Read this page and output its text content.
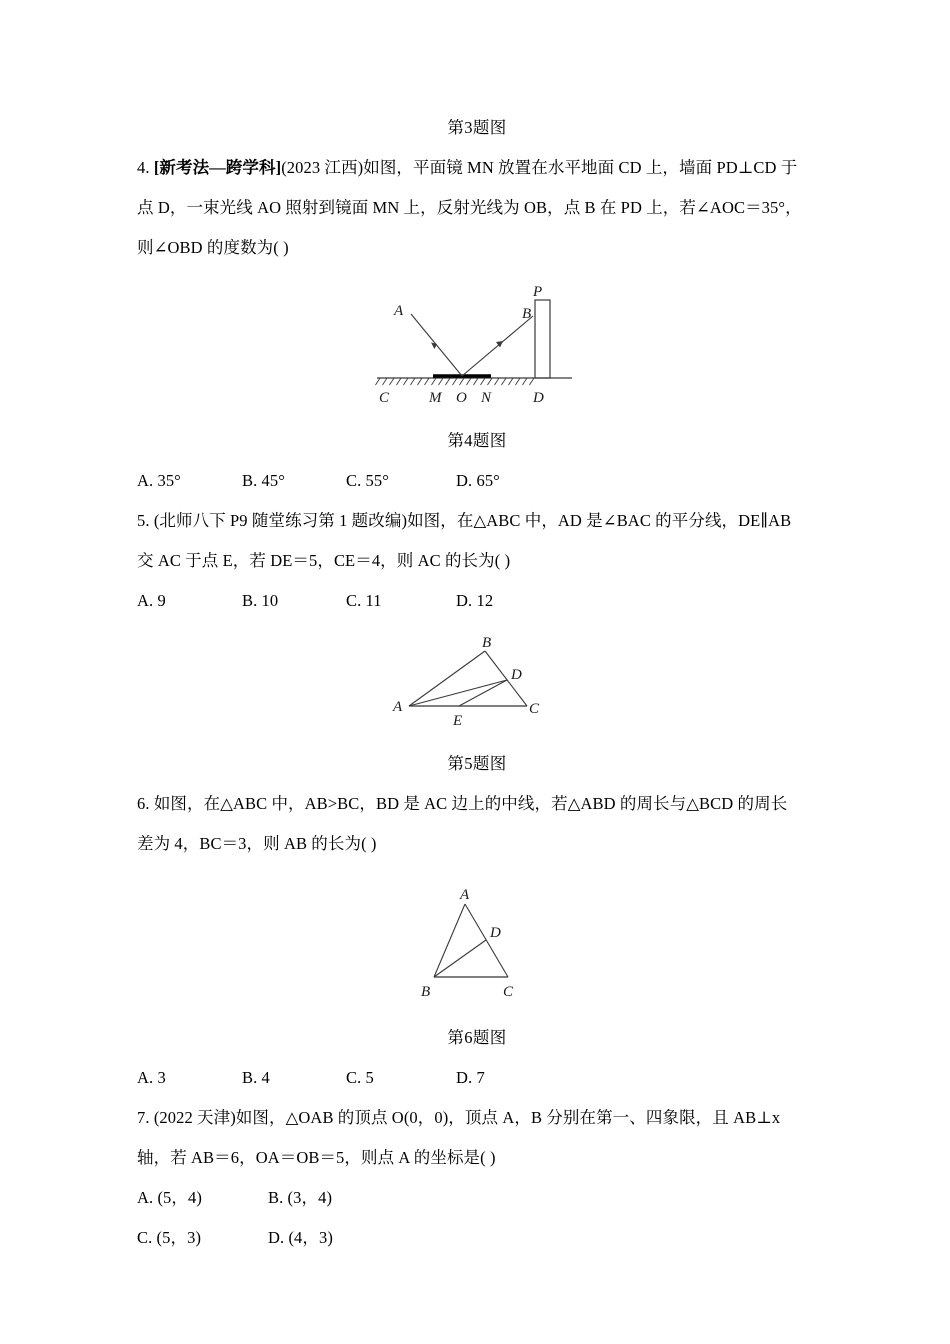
第3题图
4. [新考法—跨学科](2023 江西)如图，平面镜 MN 放置在水平地面 CD 上，墙面 PD⊥CD 于
点 D，一束光线 AO 照射到镜面 MN 上，反射光线为 OB，点 B 在 PD 上，若∠AOC＝35°，
则∠OBD 的度数为( )
A
P
B
C	M O N	D
第4题图
A. 35°	B. 45°	C. 55°	D. 65°
5. (北师八下 P9 随堂练习第 1 题改编)如图，在△ABC 中，AD 是∠BAC 的平分线，DE∥AB
交 AC 于点 E，若 DE＝5，CE＝4，则 AC 的长为( )
A. 9	B. 10	C. 11	D. 12
B
D
A
E
C
第5题图
6. 如图，在△ABC 中，AB>BC，BD 是 AC 边上的中线，若△ABD 的周长与△BCD 的周长
差为 4，BC＝3，则 AB 的长为( )
A
D
B	C
第6题图
A. 3	B. 4	C. 5	D. 7
7. (2022 天津)如图，△OAB 的顶点 O(0，0)，顶点 A，B 分别在第一、四象限，且 AB⊥x
轴，若 AB＝6，OA＝OB＝5，则点 A 的坐标是( )
A. (5，4)	B. (3，4)
C. (5，3)	D. (4，3)
